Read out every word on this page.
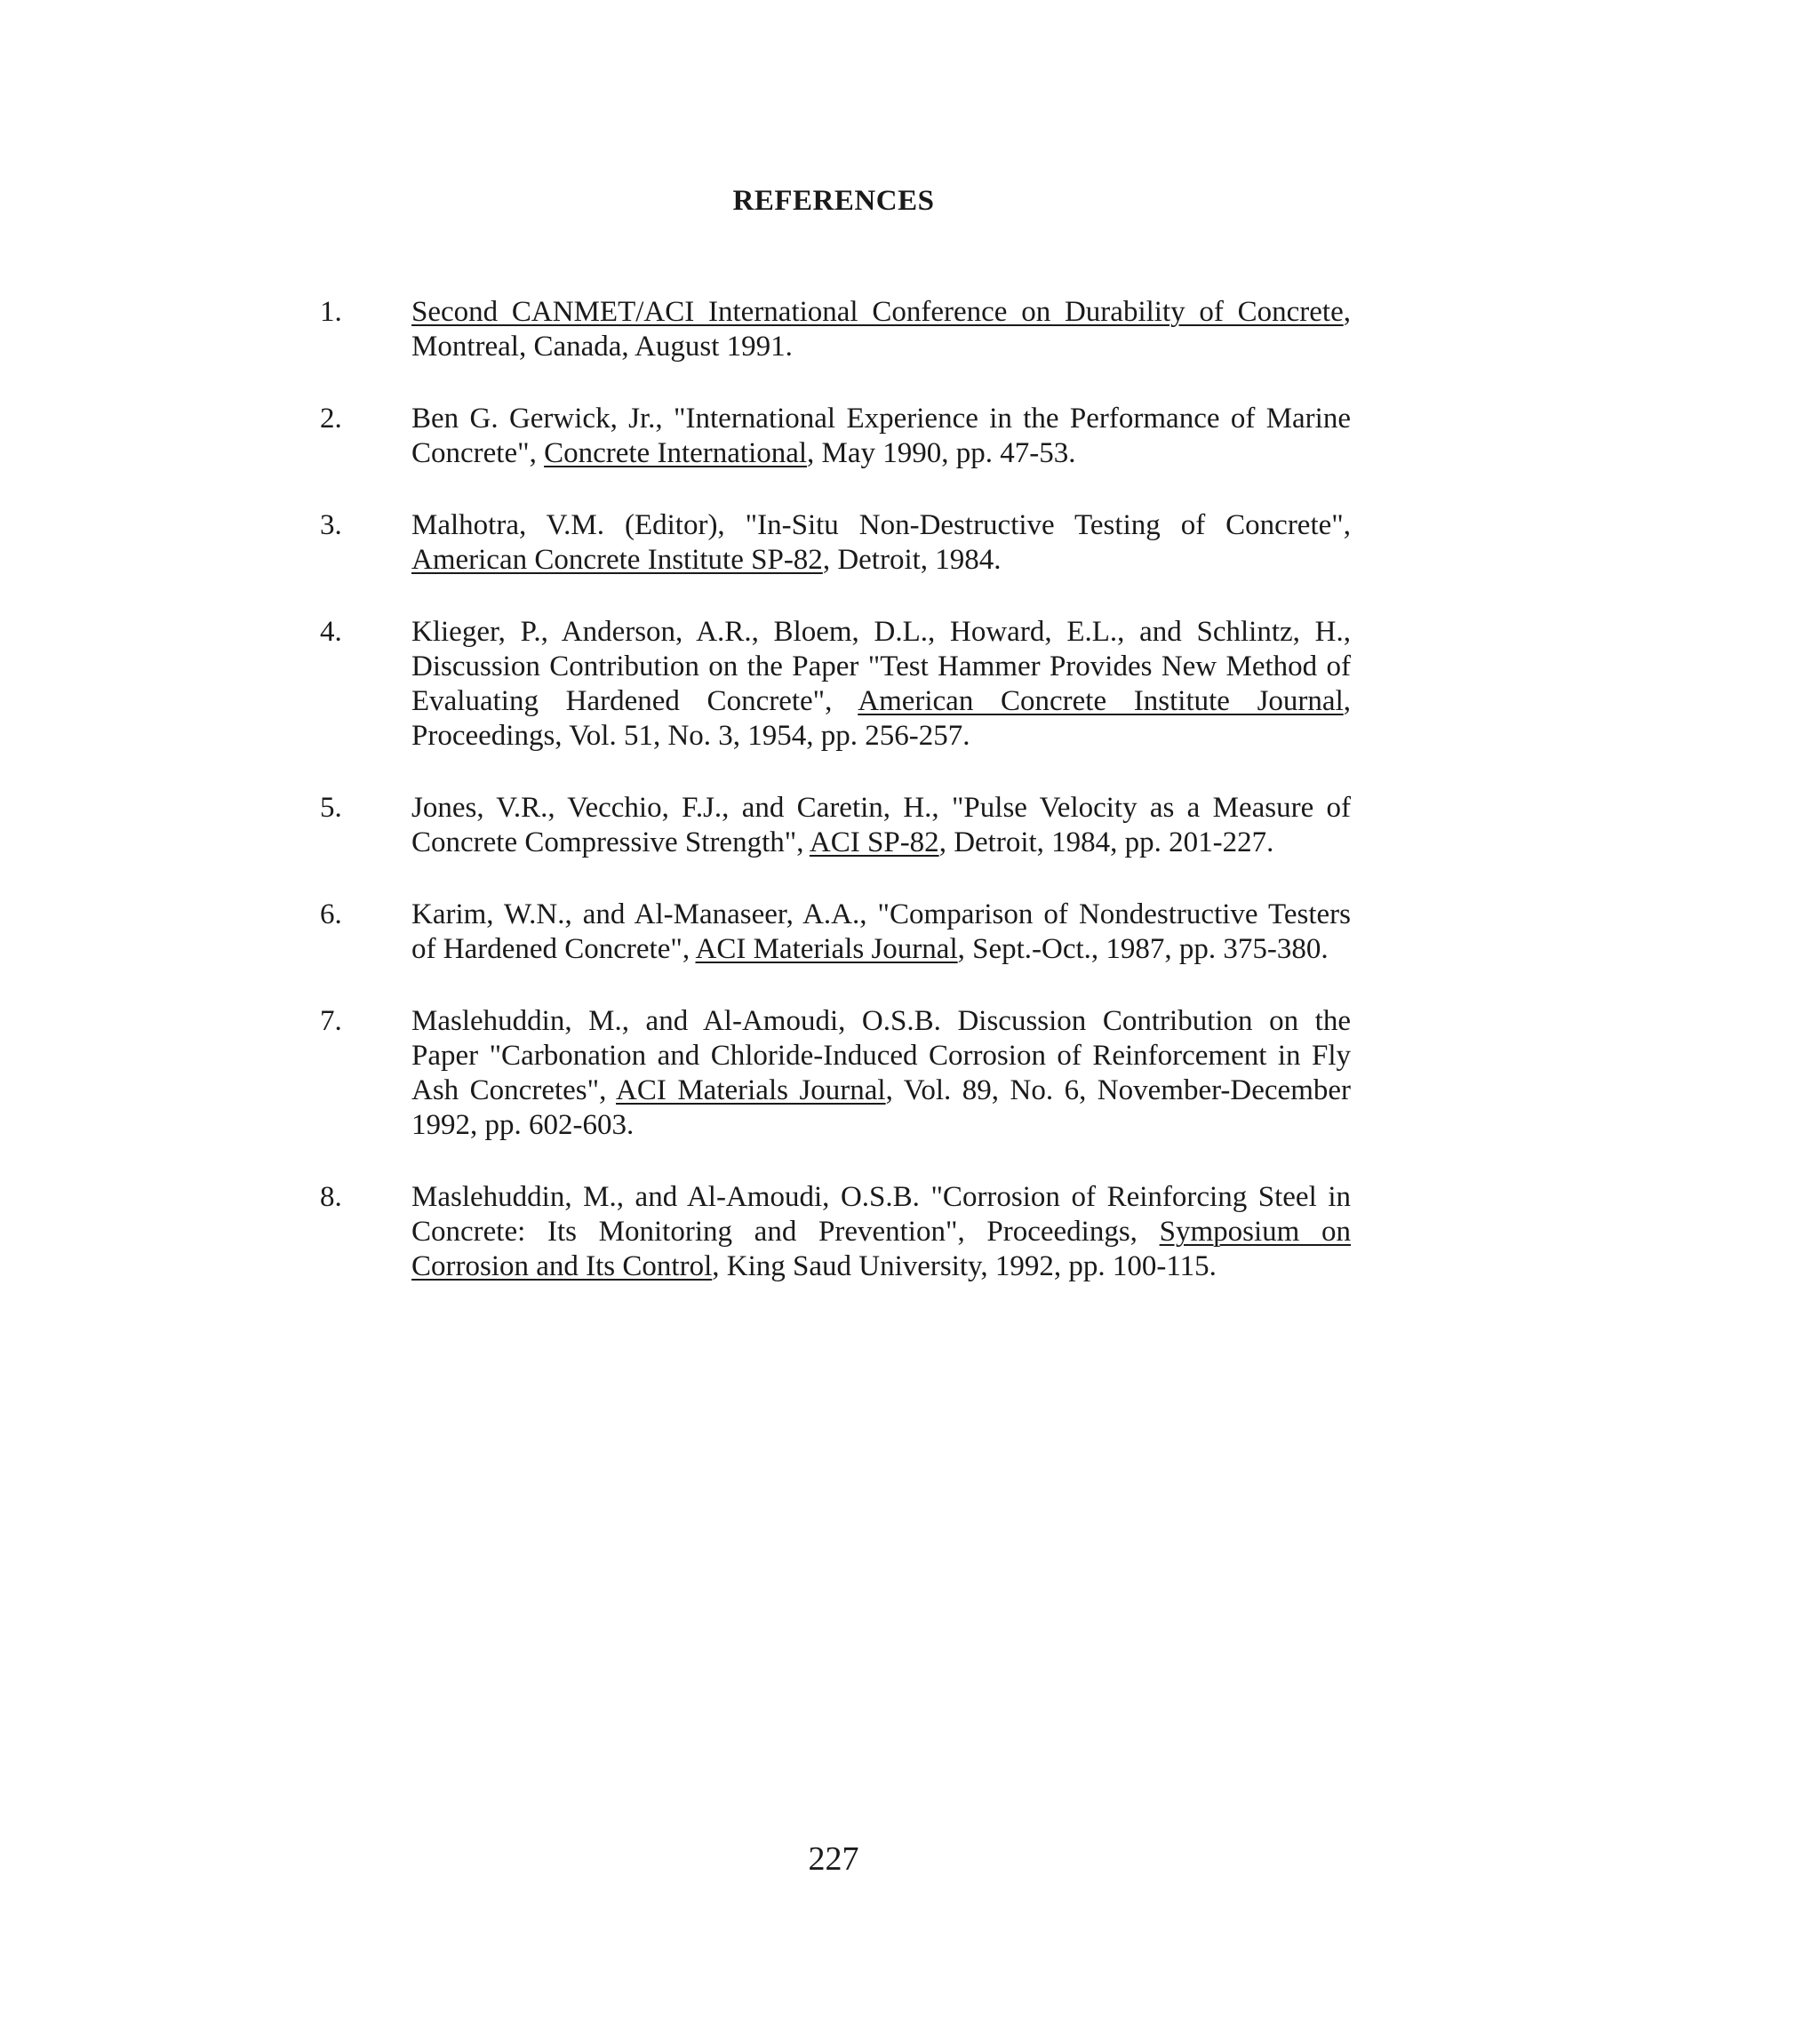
REFERENCES
1. Second CANMET/ACI International Conference on Durability of Concrete, Montreal, Canada, August 1991.
2. Ben G. Gerwick, Jr., "International Experience in the Performance of Marine Concrete", Concrete International, May 1990, pp. 47-53.
3. Malhotra, V.M. (Editor), "In-Situ Non-Destructive Testing of Concrete", American Concrete Institute SP-82, Detroit, 1984.
4. Klieger, P., Anderson, A.R., Bloem, D.L., Howard, E.L., and Schlintz, H., Discussion Contribution on the Paper "Test Hammer Provides New Method of Evaluating Hardened Concrete", American Concrete Institute Journal, Proceedings, Vol. 51, No. 3, 1954, pp. 256-257.
5. Jones, V.R., Vecchio, F.J., and Caretin, H., "Pulse Velocity as a Measure of Concrete Compressive Strength", ACI SP-82, Detroit, 1984, pp. 201-227.
6. Karim, W.N., and Al-Manaseer, A.A., "Comparison of Nondestructive Testers of Hardened Concrete", ACI Materials Journal, Sept.-Oct., 1987, pp. 375-380.
7. Maslehuddin, M., and Al-Amoudi, O.S.B. Discussion Contribution on the Paper "Carbonation and Chloride-Induced Corrosion of Reinforcement in Fly Ash Concretes", ACI Materials Journal, Vol. 89, No. 6, November-December 1992, pp. 602-603.
8. Maslehuddin, M., and Al-Amoudi, O.S.B. "Corrosion of Reinforcing Steel in Concrete: Its Monitoring and Prevention", Proceedings, Symposium on Corrosion and Its Control, King Saud University, 1992, pp. 100-115.
227
